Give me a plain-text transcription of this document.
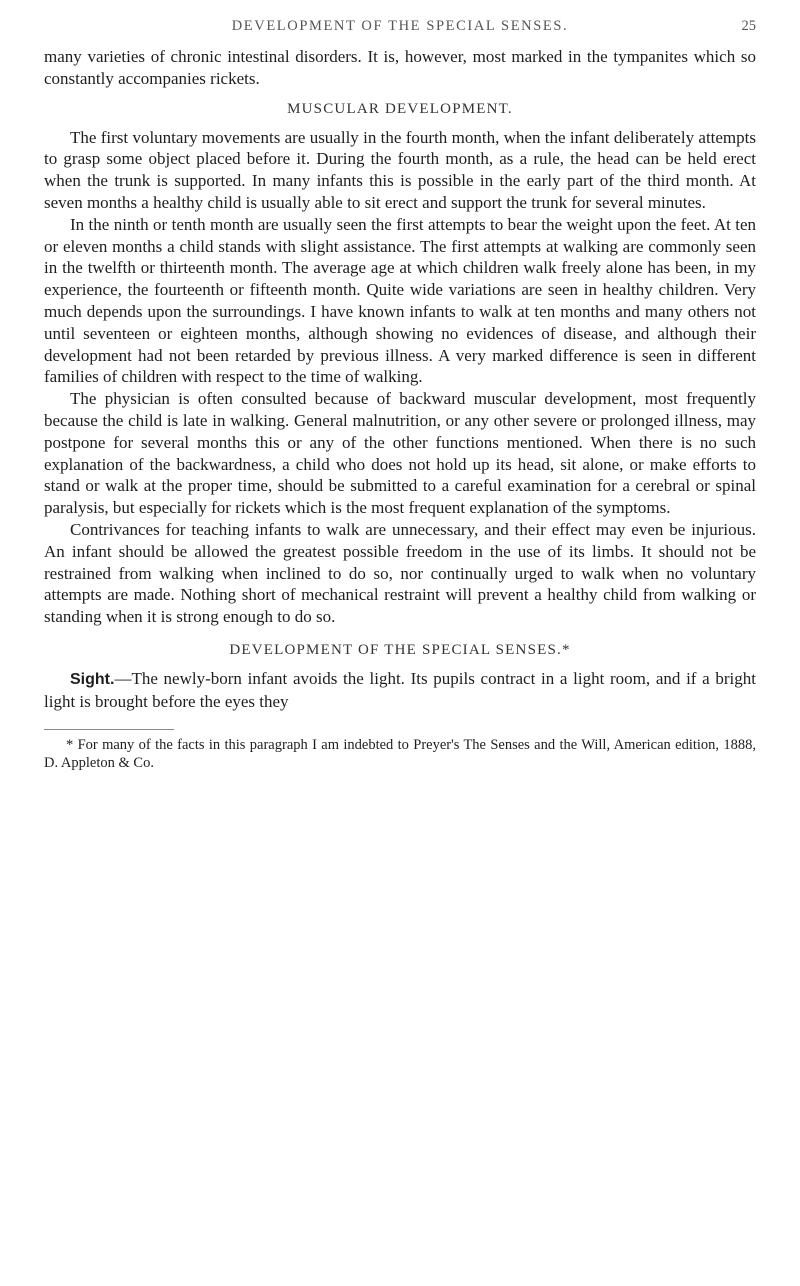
DEVELOPMENT OF THE SPECIAL SENSES.	25

many varieties of chronic intestinal disorders. It is, however, most marked in the tympanites which so constantly accompanies rickets.

MUSCULAR DEVELOPMENT.

The first voluntary movements are usually in the fourth month, when the infant deliberately attempts to grasp some object placed before it. During the fourth month, as a rule, the head can be held erect when the trunk is supported. In many infants this is possible in the early part of the third month. At seven months a healthy child is usually able to sit erect and support the trunk for several minutes.

In the ninth or tenth month are usually seen the first attempts to bear the weight upon the feet. At ten or eleven months a child stands with slight assistance. The first attempts at walking are commonly seen in the twelfth or thirteenth month. The average age at which children walk freely alone has been, in my experience, the fourteenth or fifteenth month. Quite wide variations are seen in healthy children. Very much depends upon the surroundings. I have known infants to walk at ten months and many others not until seventeen or eighteen months, although showing no evidences of disease, and although their development had not been retarded by previous illness. A very marked difference is seen in different families of children with respect to the time of walking.

The physician is often consulted because of backward muscular development, most frequently because the child is late in walking. General malnutrition, or any other severe or prolonged illness, may postpone for several months this or any of the other functions mentioned. When there is no such explanation of the backwardness, a child who does not hold up its head, sit alone, or make efforts to stand or walk at the proper time, should be submitted to a careful examination for a cerebral or spinal paralysis, but especially for rickets which is the most frequent explanation of the symptoms.

Contrivances for teaching infants to walk are unnecessary, and their effect may even be injurious. An infant should be allowed the greatest possible freedom in the use of its limbs. It should not be restrained from walking when inclined to do so, nor continually urged to walk when no voluntary attempts are made. Nothing short of mechanical restraint will prevent a healthy child from walking or standing when it is strong enough to do so.

DEVELOPMENT OF THE SPECIAL SENSES.*

Sight.—The newly-born infant avoids the light. Its pupils contract in a light room, and if a bright light is brought before the eyes they

* For many of the facts in this paragraph I am indebted to Preyer's The Senses and the Will, American edition, 1888, D. Appleton & Co.
